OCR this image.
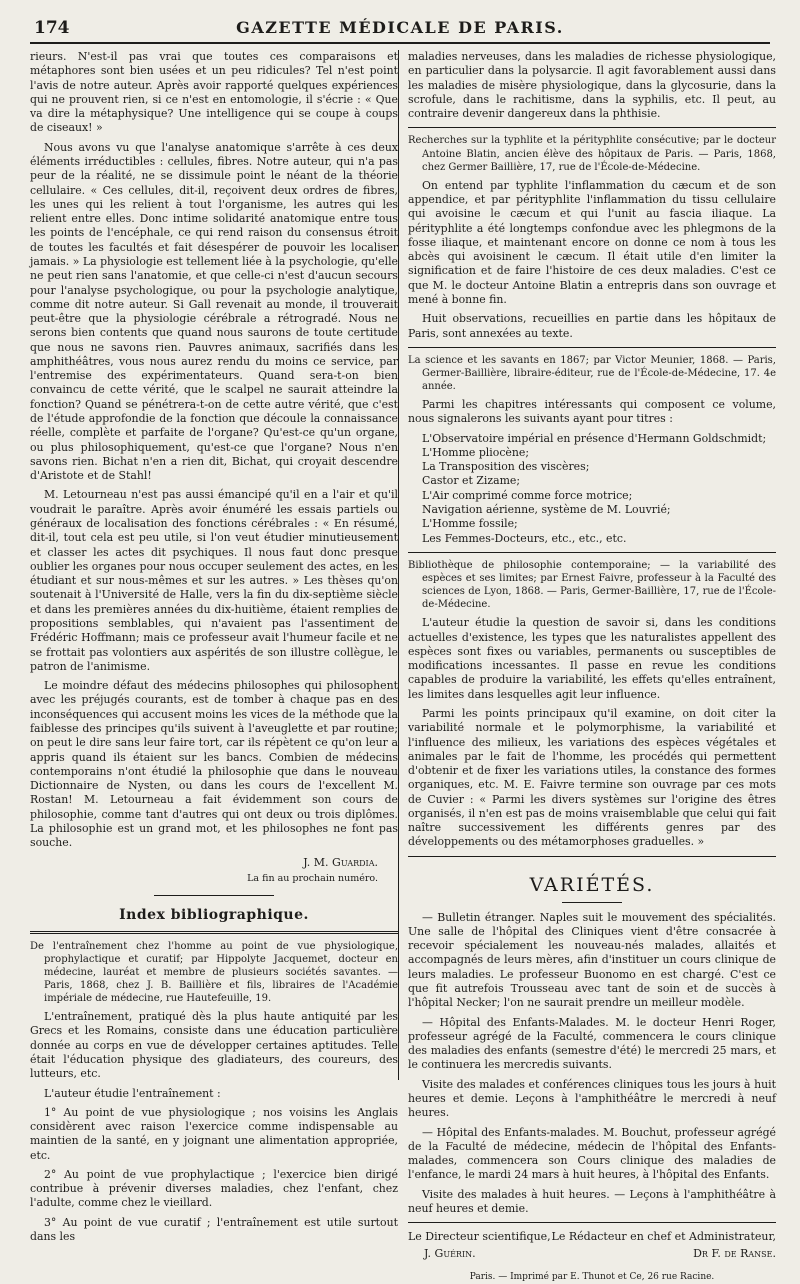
174	GAZETTE MÉDICALE DE PARIS.

rieurs. N'est-il pas vrai que toutes ces comparaisons et métaphores sont bien usées et un peu ridicules? Tel n'est point l'avis de notre auteur. Après avoir rapporté quelques expériences qui ne prouvent rien, si ce n'est en entomologie, il s'écrie : « Que va dire la métaphysique? Une intelligence qui se coupe à coups de ciseaux! »

Nous avons vu que l'analyse anatomique s'arrête à ces deux éléments irréductibles : cellules, fibres. Notre auteur, qui n'a pas peur de la réalité, ne se dissimule point le néant de la théorie cellulaire. « Ces cellules, dit-il, reçoivent deux ordres de fibres, les unes qui les relient à tout l'organisme, les autres qui les relient entre elles. Donc intime solidarité anatomique entre tous les points de l'encéphale, ce qui rend raison du consensus étroit de toutes les facultés et fait désespérer de pouvoir les localiser jamais. » La physiologie est tellement liée à la psychologie, qu'elle ne peut rien sans l'anatomie, et que celle-ci n'est d'aucun secours pour l'analyse psychologique, ou pour la psychologie analytique, comme dit notre auteur. Si Gall revenait au monde, il trouverait peut-être que la physiologie cérébrale a rétrogradé. Nous ne serons bien contents que quand nous saurons de toute certitude que nous ne savons rien. Pauvres animaux, sacrifiés dans les amphithéâtres, vous nous aurez rendu du moins ce service, par l'entremise des expérimentateurs. Quand sera-t-on bien convaincu de cette vérité, que le scalpel ne saurait atteindre la fonction? Quand se pénétrera-t-on de cette autre vérité, que c'est de l'étude approfondie de la fonction que découle la connaissance réelle, complète et parfaite de l'organe? Qu'est-ce qu'un organe, ou plus philosophiquement, qu'est-ce que l'organe? Nous n'en savons rien. Bichat n'en a rien dit, Bichat, qui croyait descendre d'Aristote et de Stahl!

M. Letourneau n'est pas aussi émancipé qu'il en a l'air et qu'il voudrait le paraître. Après avoir énuméré les essais partiels ou généraux de localisation des fonctions cérébrales : « En résumé, dit-il, tout cela est peu utile, si l'on veut étudier minutieusement et classer les actes dit psychiques. Il nous faut donc presque oublier les organes pour nous occuper seulement des actes, en les étudiant et sur nous-mêmes et sur les autres. » Les thèses qu'on soutenait à l'Université de Halle, vers la fin du dix-septième siècle et dans les premières années du dix-huitième, étaient remplies de propositions semblables, qui n'avaient pas l'assentiment de Frédéric Hoffmann; mais ce professeur avait l'humeur facile et ne se frottait pas volontiers aux aspérités de son illustre collègue, le patron de l'animisme.

Le moindre défaut des médecins philosophes qui philosophent avec les préjugés courants, est de tomber à chaque pas en des inconséquences qui accusent moins les vices de la méthode que la faiblesse des principes qu'ils suivent à l'aveuglette et par routine; on peut le dire sans leur faire tort, car ils répètent ce qu'on leur a appris quand ils étaient sur les bancs. Combien de médecins contemporains n'ont étudié la philosophie que dans le nouveau Dictionnaire de Nysten, ou dans les cours de l'excellent M. Rostan! M. Letourneau a fait évidemment son cours de philosophie, comme tant d'autres qui ont deux ou trois diplômes. La philosophie est un grand mot, et les philosophes ne font pas souche.

J. M. Guardia.
La fin au prochain numéro.
Index bibliographique.

De l'entraînement chez l'homme au point de vue physiologique, prophylactique et curatif; par Hippolyte Jacquemet, docteur en médecine, lauréat et membre de plusieurs sociétés savantes. — Paris, 1868, chez J. B. Baillière et fils, libraires de l'Académie impériale de médecine, rue Hautefeuille, 19.

L'entraînement, pratiqué dès la plus haute antiquité par les Grecs et les Romains, consiste dans une éducation particulière donnée au corps en vue de développer certaines aptitudes. Telle était l'éducation physique des gladiateurs, des coureurs, des lutteurs, etc.

L'auteur étudie l'entraînement :

1° Au point de vue physiologique ; nos voisins les Anglais considèrent avec raison l'exercice comme indispensable au maintien de la santé, en y joignant une alimentation appropriée, etc.

2° Au point de vue prophylactique ; l'exercice bien dirigé contribue à prévenir diverses maladies, chez l'enfant, chez l'adulte, comme chez le vieillard.

3° Au point de vue curatif ; l'entraînement est utile surtout dans les

maladies nerveuses, dans les maladies de richesse physiologique, en particulier dans la polysarcie. Il agit favorablement aussi dans les maladies de misère physiologique, dans la glycosurie, dans la scrofule, dans le rachitisme, dans la syphilis, etc. Il peut, au contraire devenir dangereux dans la phthisie.

Recherches sur la typhlite et la pérityphlite consécutive; par le docteur Antoine Blatin, ancien élève des hôpitaux de Paris. — Paris, 1868, chez Germer Baillière, 17, rue de l'École-de-Médecine.

On entend par typhlite l'inflammation du cæcum et de son appendice, et par pérityphlite l'inflammation du tissu cellulaire qui avoisine le cæcum et qui l'unit au fascia iliaque. La pérityphlite a été longtemps confondue avec les phlegmons de la fosse iliaque, et maintenant encore on donne ce nom à tous les abcès qui avoisinent le cæcum. Il était utile d'en limiter la signification et de faire l'histoire de ces deux maladies. C'est ce que M. le docteur Antoine Blatin a entrepris dans son ouvrage et mené à bonne fin.

Huit observations, recueillies en partie dans les hôpitaux de Paris, sont annexées au texte.

La science et les savants en 1867; par Victor Meunier, 1868. — Paris, Germer-Baillière, libraire-éditeur, rue de l'École-de-Médecine, 17. 4e année.

Parmi les chapitres intéressants qui composent ce volume, nous signalerons les suivants ayant pour titres :

L'Observatoire impérial en présence d'Hermann Goldschmidt;
L'Homme pliocène;
La Transposition des viscères;
Castor et Zizame;
L'Air comprimé comme force motrice;
Navigation aérienne, système de M. Louvrié;
L'Homme fossile;
Les Femmes-Docteurs, etc., etc., etc.

Bibliothèque de philosophie contemporaine; — la variabilité des espèces et ses limites; par Ernest Faivre, professeur à la Faculté des sciences de Lyon, 1868. — Paris, Germer-Baillière, 17, rue de l'École-de-Médecine.

L'auteur étudie la question de savoir si, dans les conditions actuelles d'existence, les types que les naturalistes appellent des espèces sont fixes ou variables, permanents ou susceptibles de modifications incessantes. Il passe en revue les conditions capables de produire la variabilité, les effets qu'elles entraînent, les limites dans lesquelles agit leur influence.

Parmi les points principaux qu'il examine, on doit citer la variabilité normale et le polymorphisme, la variabilité et l'influence des milieux, les variations des espèces végétales et animales par le fait de l'homme, les procédés qui permettent d'obtenir et de fixer les variations utiles, la constance des formes organiques, etc. M. E. Faivre termine son ouvrage par ces mots de Cuvier : « Parmi les divers systèmes sur l'origine des êtres organisés, il n'en est pas de moins vraisemblable que celui qui fait naître successivement les différents genres par des développements ou des métamorphoses graduelles. »

VARIÉTÉS.

— Bulletin étranger. Naples suit le mouvement des spécialités. Une salle de l'hôpital des Cliniques vient d'être consacrée à recevoir spécialement les nouveau-nés malades, allaités et accompagnés de leurs mères, afin d'instituer un cours clinique de leurs maladies. Le professeur Buonomo en est chargé. C'est ce que fit autrefois Trousseau avec tant de soin et de succès à l'hôpital Necker; l'on ne saurait prendre un meilleur modèle.

— Hôpital des Enfants-Malades. M. le docteur Henri Roger, professeur agrégé de la Faculté, commencera le cours clinique des maladies des enfants (semestre d'été) le mercredi 25 mars, et le continuera les mercredis suivants.

Visite des malades et conférences cliniques tous les jours à huit heures et demie. Leçons à l'amphithéâtre le mercredi à neuf heures.

— Hôpital des Enfants-malades. M. Bouchut, professeur agrégé de la Faculté de médecine, médecin de l'hôpital des Enfants-malades, commencera son Cours clinique des maladies de l'enfance, le mardi 24 mars à huit heures, à l'hôpital des Enfants.

Visite des malades à huit heures. — Leçons à l'amphithéâtre à neuf heures et demie.

Le Directeur scientifique,
J. Guérin.
Le Rédacteur en chef et Administrateur,
Dr F. de Ranse.
Paris. — Imprimé par E. Thunot et Ce, 26 rue Racine.
